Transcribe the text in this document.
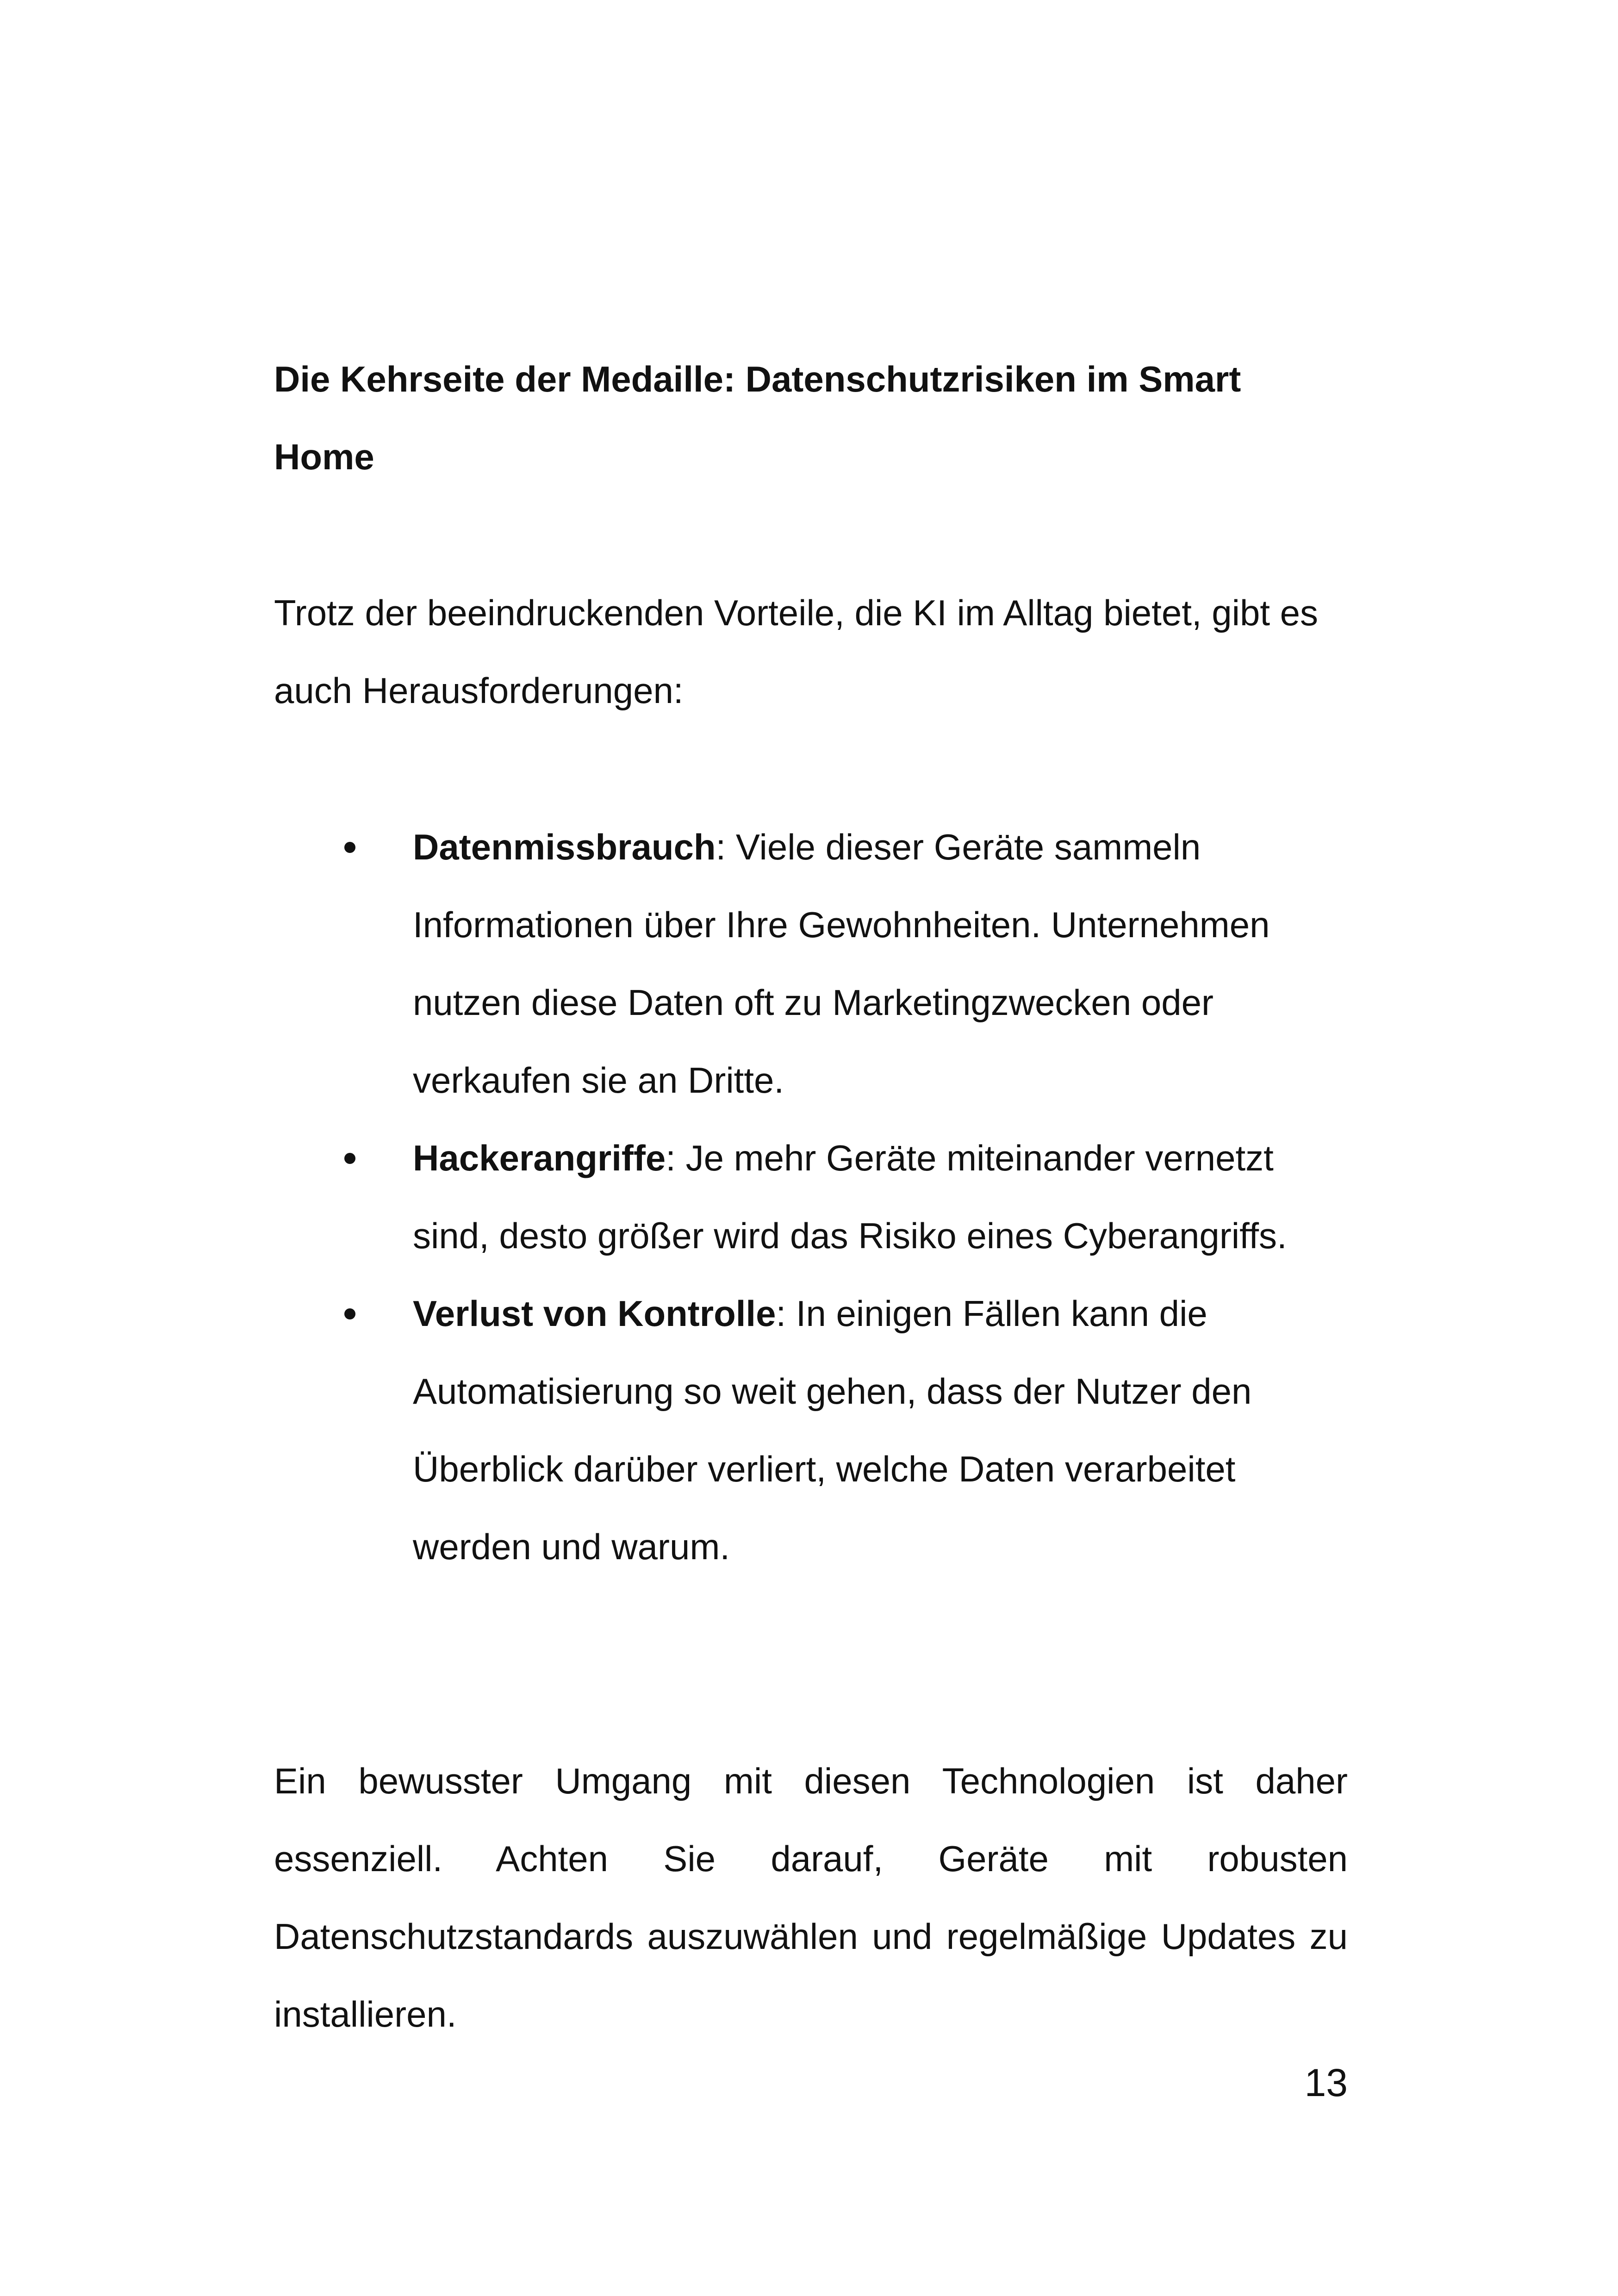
Die Kehrseite der Medaille: Datenschutzrisiken im Smart Home

Trotz der beeindruckenden Vorteile, die KI im Alltag bietet, gibt es auch Herausforderungen:

Datenmissbrauch: Viele dieser Geräte sammeln Informationen über Ihre Gewohnheiten. Unternehmen nutzen diese Daten oft zu Marketingzwecken oder verkaufen sie an Dritte.
Hackerangriffe: Je mehr Geräte miteinander vernetzt sind, desto größer wird das Risiko eines Cyberangriffs.
Verlust von Kontrolle: In einigen Fällen kann die Automatisierung so weit gehen, dass der Nutzer den Überblick darüber verliert, welche Daten verarbeitet werden und warum.

Ein bewusster Umgang mit diesen Technologien ist daher essenziell. Achten Sie darauf, Geräte mit robusten Datenschutzstandards auszuwählen und regelmäßige Updates zu installieren.

13
